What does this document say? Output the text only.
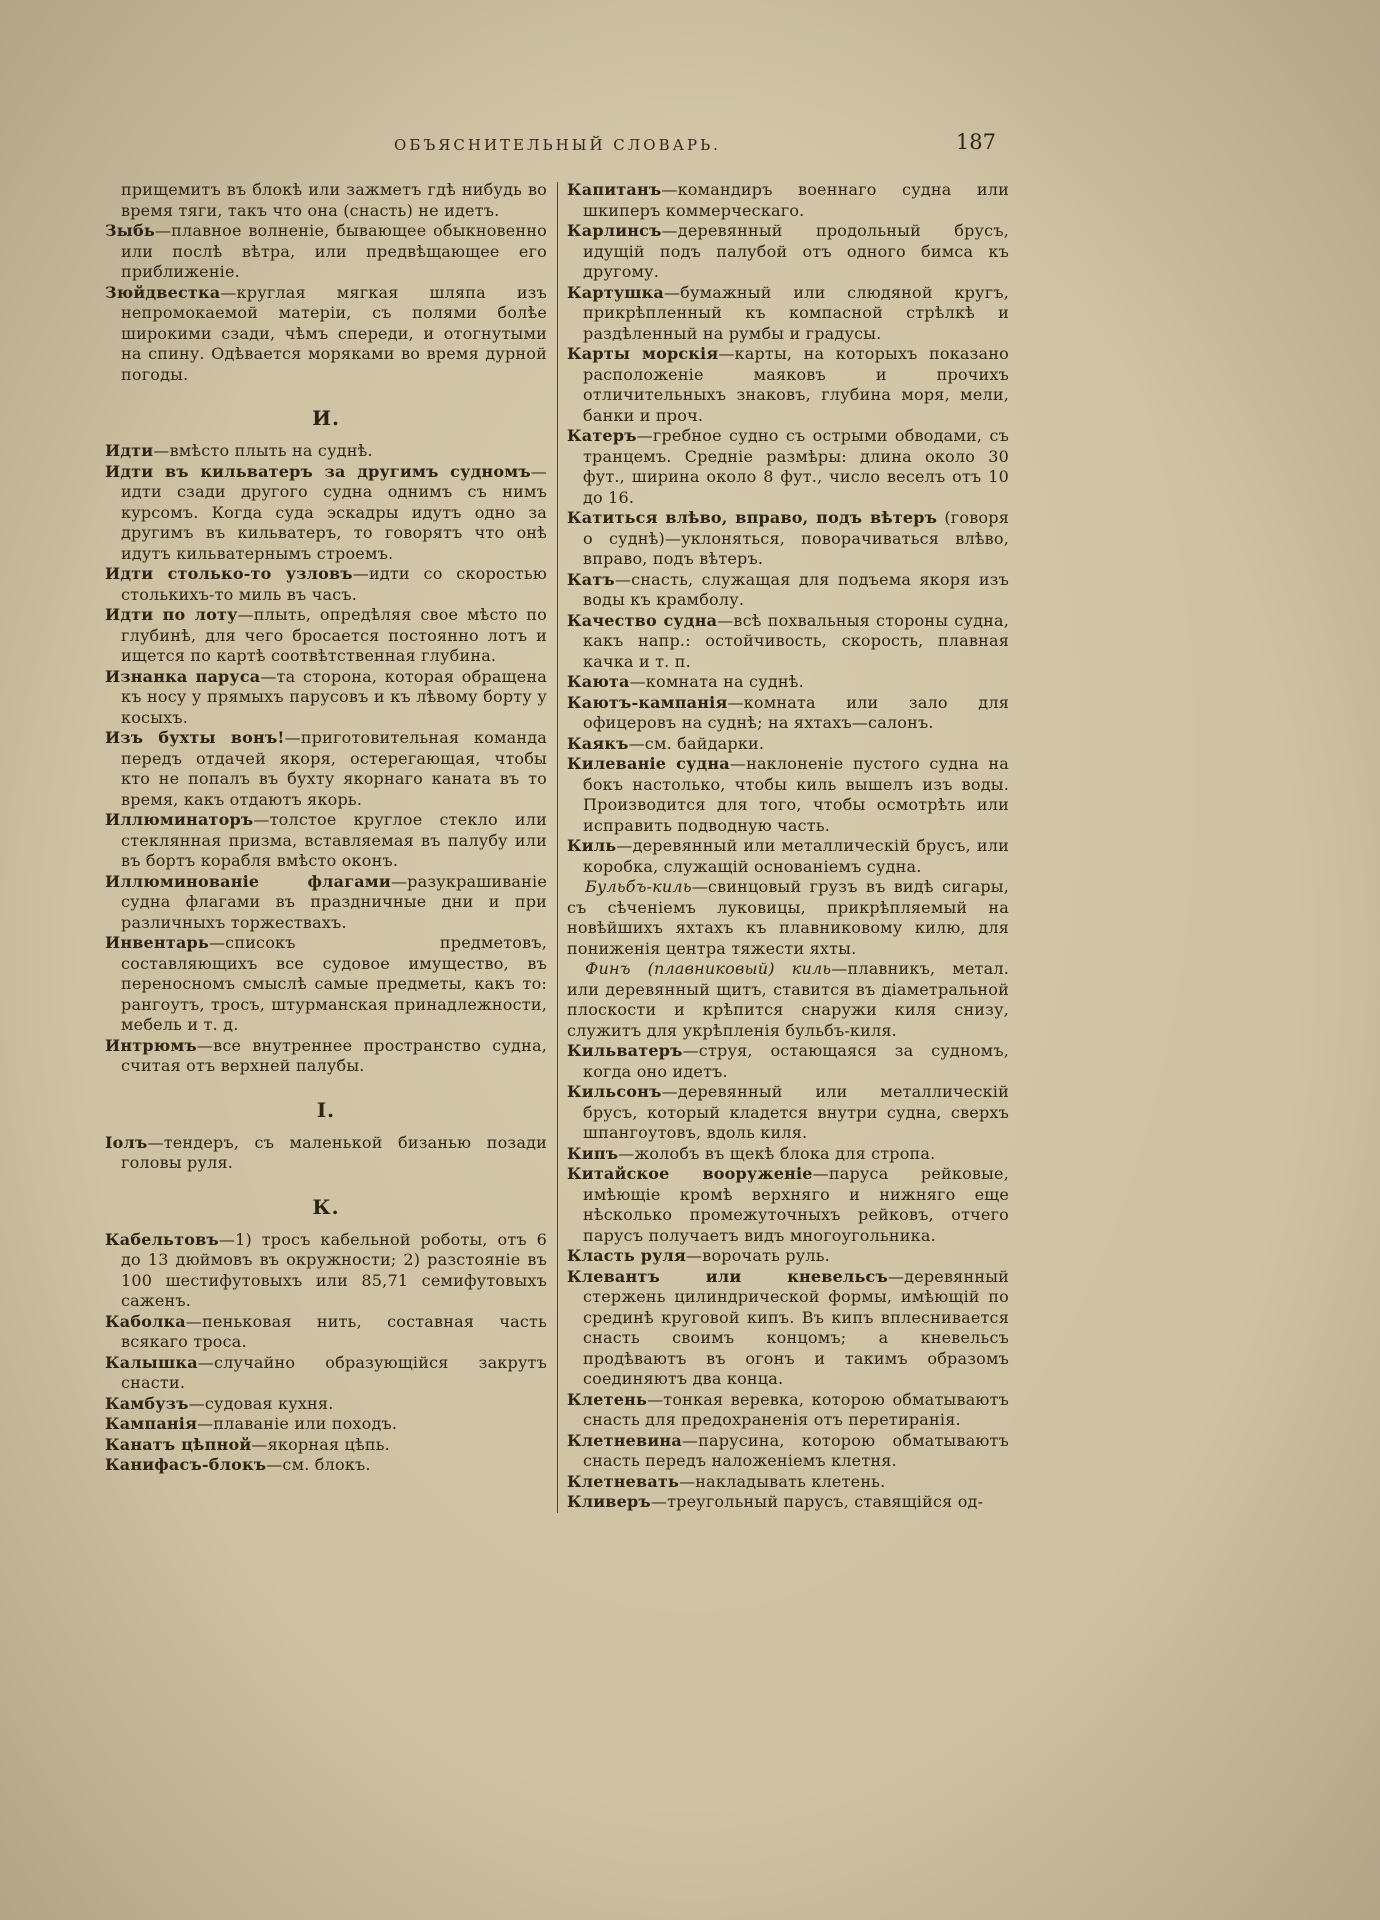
ОБЪЯСНИТЕЛЬНЫЙ СЛОВАРЬ.	187

прищемитъ въ блокѣ или зажметъ гдѣ нибудь во время тяги, такъ что она (снасть) не идетъ.

Зыбь—плавное волненіе, бывающее обыкновенно или послѣ вѣтра, или предвѣщающее его приближеніе.

Зюйдвестка—круглая мягкая шляпа изъ непромокаемой матеріи, съ полями болѣе широкими сзади, чѣмъ спереди, и отогнутыми на спину. Одѣвается моряками во время дурной погоды.

И.

Идти—вмѣсто плыть на суднѣ.

Идти въ кильватеръ за другимъ судномъ—идти сзади другого судна однимъ съ нимъ курсомъ. Когда суда эскадры идутъ одно за другимъ въ кильватеръ, то говорятъ что онѣ идутъ кильватернымъ строемъ.

Идти столько-то узловъ—идти со скоростью столькихъ-то миль въ часъ.

Идти по лоту—плыть, опредѣляя свое мѣсто по глубинѣ, для чего бросается постоянно лотъ и ищется по картѣ соотвѣтственная глубина.

Изнанка паруса—та сторона, которая обращена къ носу у прямыхъ парусовъ и къ лѣвому борту у косыхъ.

Изъ бухты вонъ!—приготовительная команда передъ отдачей якоря, остерегающая, чтобы кто не попалъ въ бухту якорнаго каната въ то время, какъ отдаютъ якорь.

Иллюминаторъ—толстое круглое стекло или стеклянная призма, вставляемая въ палубу или въ бортъ корабля вмѣсто оконъ.

Иллюминованіе флагами—разукрашиваніе судна флагами въ праздничные дни и при различныхъ торжествахъ.

Инвентарь—списокъ предметовъ, составляющихъ все судовое имущество, въ переносномъ смыслѣ самые предметы, какъ то: рангоутъ, тросъ, штурманская принадлежности, мебель и т. д.

Интрюмъ—все внутреннее пространство судна, считая отъ верхней палубы.

І.

Іолъ—тендеръ, съ маленькой бизанью позади головы руля.

К.

Кабельтовъ—1) тросъ кабельной роботы, отъ 6 до 13 дюймовъ въ окружности; 2) разстояніе въ 100 шестифутовыхъ или 85,71 семифутовыхъ саженъ.

Каболка—пеньковая нить, составная часть всякаго троса.

Калышка—случайно образующійся закрутъ снасти.

Камбузъ—судовая кухня.

Кампанія—плаваніе или походъ.

Канатъ цѣпной—якорная цѣпь.

Канифасъ-блокъ—см. блокъ.

Капитанъ—командиръ военнаго судна или шкиперъ коммерческаго.

Карлинсъ—деревянный продольный брусъ, идущій подъ палубой отъ одного бимса къ другому.

Картушка—бумажный или слюдяной кругъ, прикрѣпленный къ компасной стрѣлкѣ и раздѣленный на румбы и градусы.

Карты морскія—карты, на которыхъ показано расположеніе маяковъ и прочихъ отличительныхъ знаковъ, глубина моря, мели, банки и проч.

Катеръ—гребное судно съ острыми обводами, съ транцемъ. Средніе размѣры: длина около 30 фут., ширина около 8 фут., число веселъ отъ 10 до 16.

Катиться влѣво, вправо, подъ вѣтеръ (говоря о суднѣ)—уклоняться, поворачиваться влѣво, вправо, подъ вѣтеръ.

Катъ—снасть, служащая для подъема якоря изъ воды къ крамболу.

Качество судна—всѣ похвальныя стороны судна, какъ напр.: остойчивость, скорость, плавная качка и т. п.

Каюта—комната на суднѣ.

Каютъ-кампанія—комната или зало для офицеровъ на суднѣ; на яхтахъ—салонъ.

Каякъ—см. байдарки.

Килеваніе судна—наклоненіе пустого судна на бокъ настолько, чтобы киль вышелъ изъ воды. Производится для того, чтобы осмотрѣть или исправить подводную часть.

Киль—деревянный или металлическій брусъ, или коробка, служащій основаніемъ судна.

Бульбъ-киль—свинцовый грузъ въ видѣ сигары, съ сѣченіемъ луковицы, прикрѣпляемый на новѣйшихъ яхтахъ къ плавниковому килю, для пониженія центра тяжести яхты.

Финъ (плавниковый) киль—плавникъ, метал. или деревянный щитъ, ставится въ діаметральной плоскости и крѣпится снаружи киля снизу, служитъ для укрѣпленія бульбъ-киля.

Кильватеръ—струя, остающаяся за судномъ, когда оно идетъ.

Кильсонъ—деревянный или металлическій брусъ, который кладется внутри судна, сверхъ шпангоутовъ, вдоль киля.

Кипъ—жолобъ въ щекѣ блока для стропа.

Китайское вооруженіе—паруса рейковые, имѣющіе кромѣ верхняго и нижняго еще нѣсколько промежуточныхъ рейковъ, отчего парусъ получаетъ видъ многоугольника.

Класть руля—ворочать руль.

Клевантъ или кневельсъ—деревянный стержень цилиндрической формы, имѣющій по срединѣ круговой кипъ. Въ кипъ вплеснивается снасть своимъ концомъ; а кневельсъ продѣваютъ въ огонъ и такимъ образомъ соединяютъ два конца.

Клетень—тонкая веревка, которою обматываютъ снасть для предохраненія отъ перетиранія.

Клетневина—парусина, которою обматываютъ снасть передъ наложеніемъ клетня.

Клетневать—накладывать клетень.

Кливеръ—треугольный парусъ, ставящійся од-
